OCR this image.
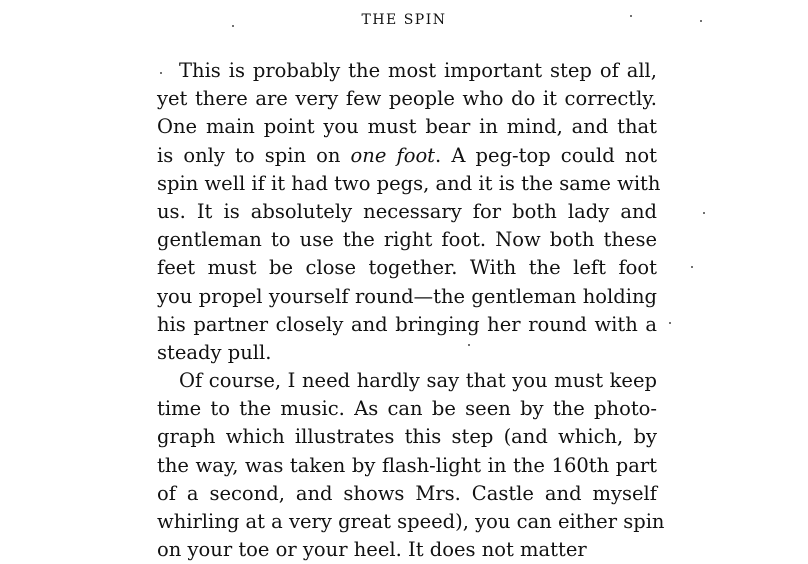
THE SPIN
This is probably the most important step of all,
yet there are very few people who do it correctly.
One main point you must bear in mind, and that
is only to spin on one foot. A peg-top could not
spin well if it had two pegs, and it is the same with
us. It is absolutely necessary for both lady and
gentleman to use the right foot. Now both these
feet must be close together. With the left foot
you propel yourself round—the gentleman holding
his partner closely and bringing her round with a
steady pull.
Of course, I need hardly say that you must keep
time to the music. As can be seen by the photo-
graph which illustrates this step (and which, by
the way, was taken by flash-light in the 160th part
of a second, and shows Mrs. Castle and myself
whirling at a very great speed), you can either spin
on your toe or your heel. It does not matter
